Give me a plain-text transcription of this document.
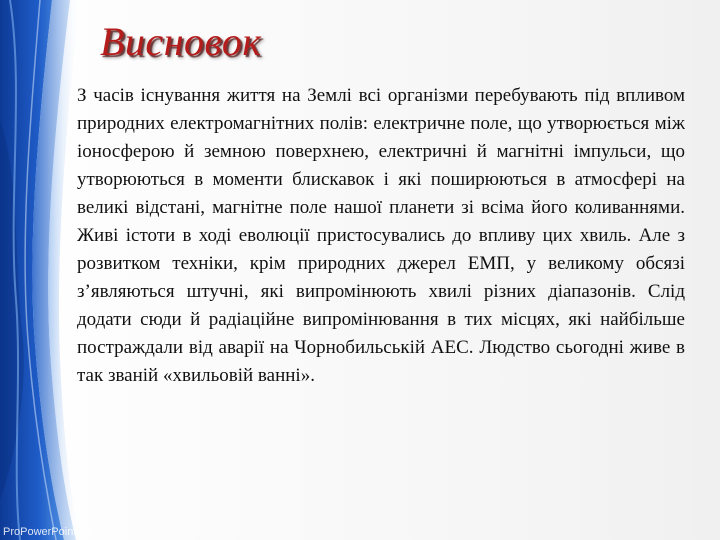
Висновок

З часів існування життя на Землі всі організми перебувають під впливом природних електромагнітних полів: електричне поле, що утворюється між іоносферою й земною поверхнею, електричні й магнітні імпульси, що утворюються в моменти блискавок і які поширюються в атмосфері на великі відстані, магнітне поле нашої планети зі всіма його коливаннями. Живі істоти в ході еволюції пристосувались до впливу цих хвиль. Але з розвитком техніки, крім природних джерел ЕМП, у великому обсязі з’являються штучні, які випромінюють хвилі різних діапазонів. Слід додати сюди й радіаційне випромінювання в тих місцях, які найбільше постраждали від аварії на Чорнобильській АЕС. Людство сьогодні живе в так званій «хвильовій ванні».

ProPowerPoint.Ru
